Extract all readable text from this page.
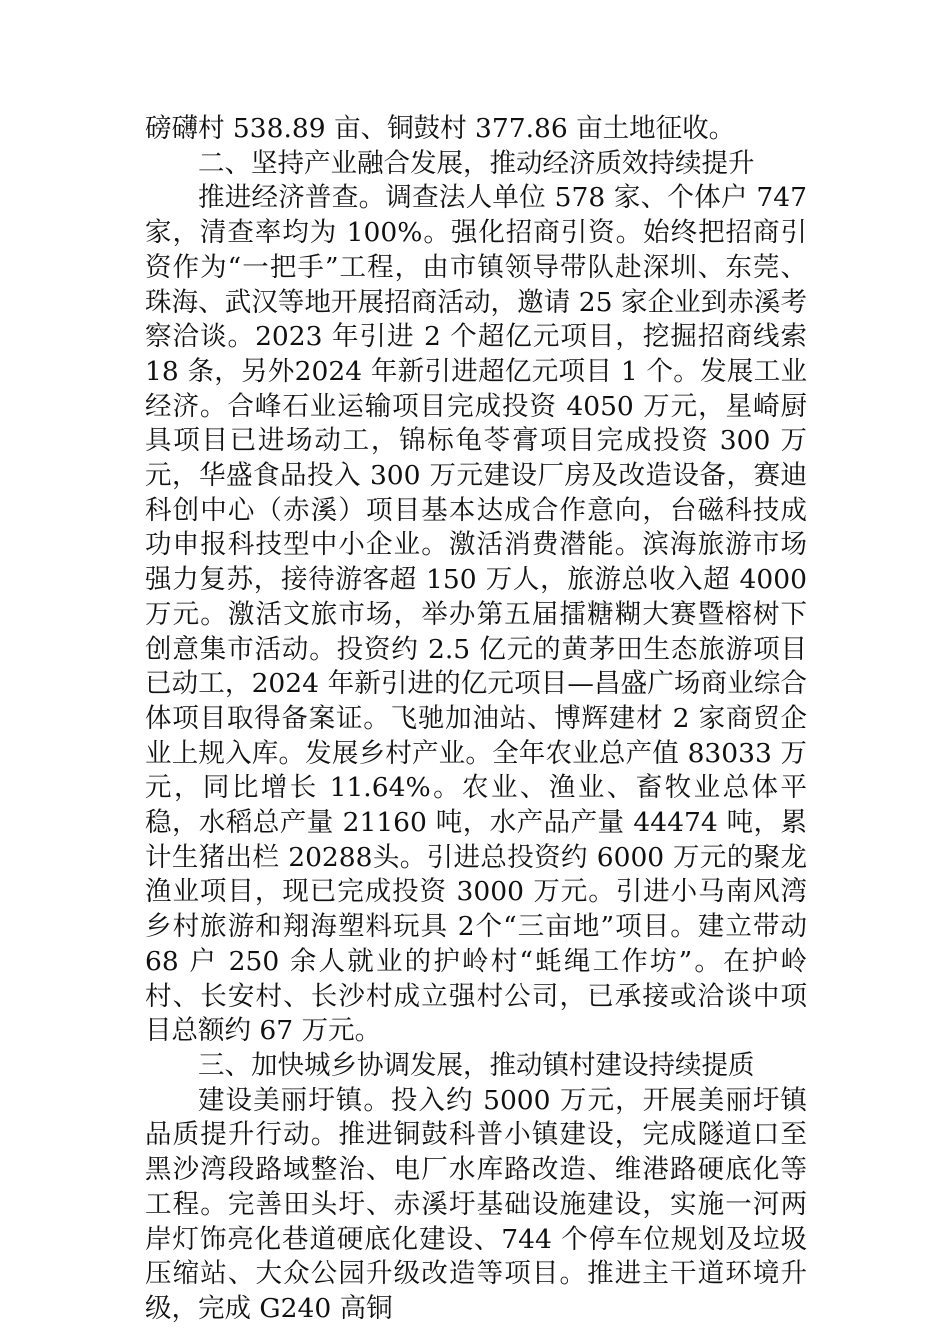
磅礴村 538.89 亩、铜鼓村 377.86 亩土地征收。

二、坚持产业融合发展，推动经济质效持续提升

推进经济普查。调查法人单位 578 家、个体户 747 家，清查率均为 100%。强化招商引资。始终把招商引资作为“一把手”工程，由市镇领导带队赴深圳、东莞、珠海、武汉等地开展招商活动，邀请 25 家企业到赤溪考察洽谈。2023 年引进 2 个超亿元项目，挖掘招商线索 18 条，另外2024 年新引进超亿元项目 1 个。发展工业经济。合峰石业运输项目完成投资 4050 万元，星崎厨具项目已进场动工，锦标龟苓膏项目完成投资 300 万元，华盛食品投入 300 万元建设厂房及改造设备，赛迪科创中心（赤溪）项目基本达成合作意向，台磁科技成功申报科技型中小企业。激活消费潜能。滨海旅游市场强力复苏，接待游客超 150 万人，旅游总收入超 4000 万元。激活文旅市场，举办第五届擂糖糊大赛暨榕树下创意集市活动。投资约 2.5 亿元的黄茅田生态旅游项目已动工，2024 年新引进的亿元项目—昌盛广场商业综合体项目取得备案证。飞驰加油站、博辉建材 2 家商贸企业上规入库。发展乡村产业。全年农业总产值 83033 万元，同比增长 11.64%。农业、渔业、畜牧业总体平稳，水稻总产量 21160 吨，水产品产量 44474 吨，累计生猪出栏 20288头。引进总投资约 6000 万元的聚龙渔业项目，现已完成投资 3000 万元。引进小马南风湾乡村旅游和翔海塑料玩具 2个“三亩地”项目。建立带动 68 户 250 余人就业的护岭村“蚝绳工作坊”。在护岭村、长安村、长沙村成立强村公司，已承接或洽谈中项目总额约 67 万元。

三、加快城乡协调发展，推动镇村建设持续提质

建设美丽圩镇。投入约 5000 万元，开展美丽圩镇品质提升行动。推进铜鼓科普小镇建设，完成隧道口至黑沙湾段路域整治、电厂水库路改造、维港路硬底化等工程。完善田头圩、赤溪圩基础设施建设，实施一河两岸灯饰亮化巷道硬底化建设、744 个停车位规划及垃圾压缩站、大众公园升级改造等项目。推进主干道环境升级，完成 G240 高铜
